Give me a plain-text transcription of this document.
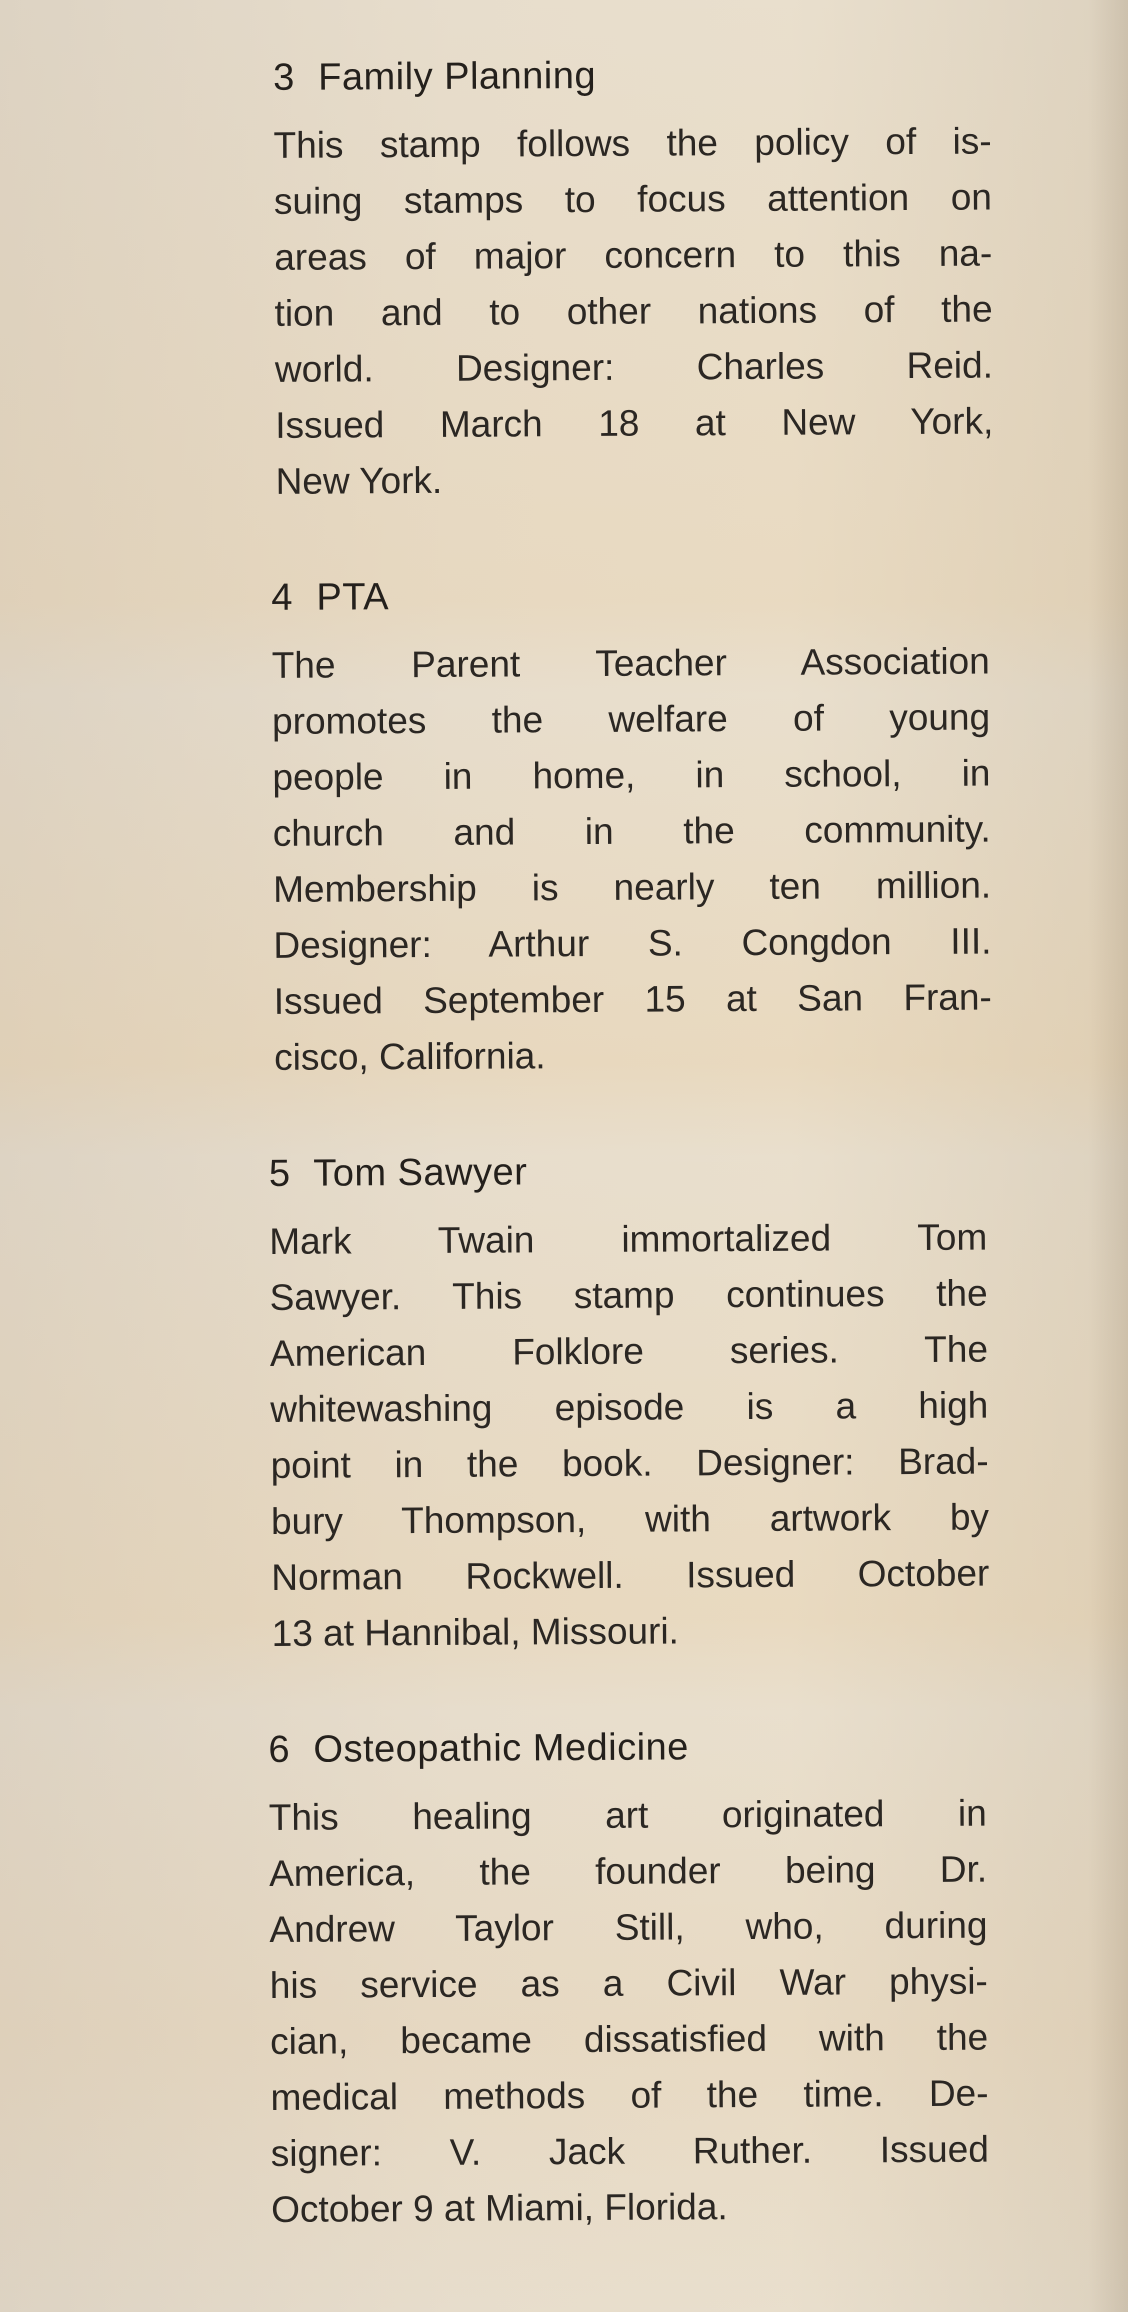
3 Family Planning
This stamp follows the policy of is-
suing stamps to focus attention on
areas of major concern to this na-
tion and to other nations of the
world. Designer: Charles Reid.
Issued March 18 at New York,
New York.
4 PTA
The Parent Teacher Association
promotes the welfare of young
people in home, in school, in
church and in the community.
Membership is nearly ten million.
Designer: Arthur S. Congdon III.
Issued September 15 at San Fran-
cisco, California.
5 Tom Sawyer
Mark Twain immortalized Tom
Sawyer. This stamp continues the
American Folklore series. The
whitewashing episode is a high
point in the book. Designer: Brad-
bury Thompson, with artwork by
Norman Rockwell. Issued October
13 at Hannibal, Missouri.
6 Osteopathic Medicine
This healing art originated in
America, the founder being Dr.
Andrew Taylor Still, who, during
his service as a Civil War physi-
cian, became dissatisfied with the
medical methods of the time. De-
signer: V. Jack Ruther. Issued
October 9 at Miami, Florida.
